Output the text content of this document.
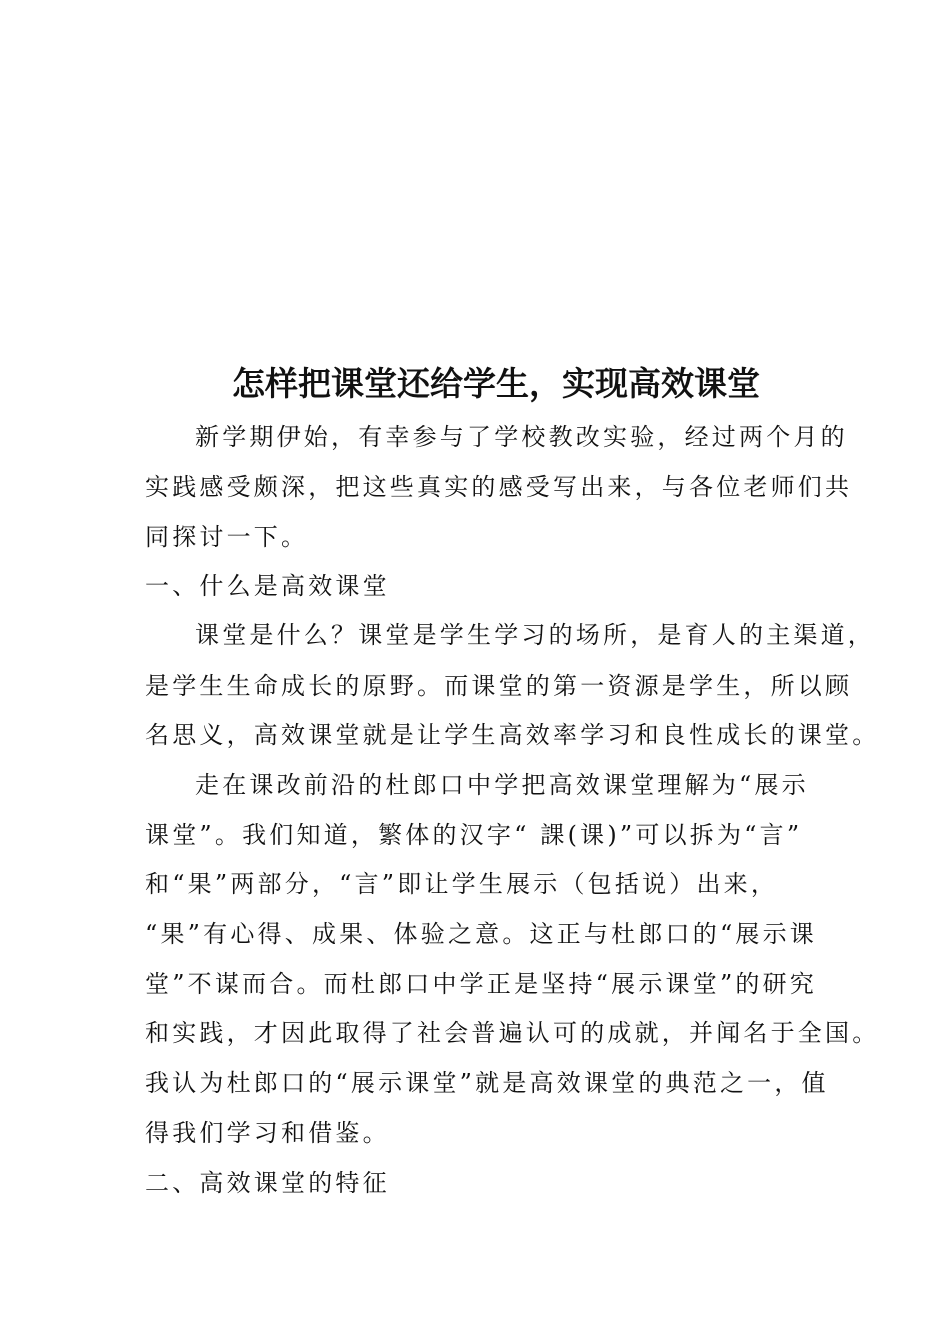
怎样把课堂还给学生，实现高效课堂
新学期伊始，有幸参与了学校教改实验，经过两个月的
实践感受颇深，把这些真实的感受写出来，与各位老师们共
同探讨一下。
一、什么是高效课堂
课堂是什么？课堂是学生学习的场所，是育人的主渠道，
是学生生命成长的原野。而课堂的第一资源是学生，所以顾
名思义，高效课堂就是让学生高效率学习和良性成长的课堂。
走在课改前沿的杜郎口中学把高效课堂理解为“展示
课堂”。我们知道，繁体的汉字“ 課(课)”可以拆为“言”
和“果”两部分，“言”即让学生展示（包括说）出来，
“果”有心得、成果、体验之意。这正与杜郎口的“展示课
堂”不谋而合。而杜郎口中学正是坚持“展示课堂”的研究
和实践，才因此取得了社会普遍认可的成就，并闻名于全国。
我认为杜郎口的“展示课堂”就是高效课堂的典范之一，值
得我们学习和借鉴。
二、高效课堂的特征
